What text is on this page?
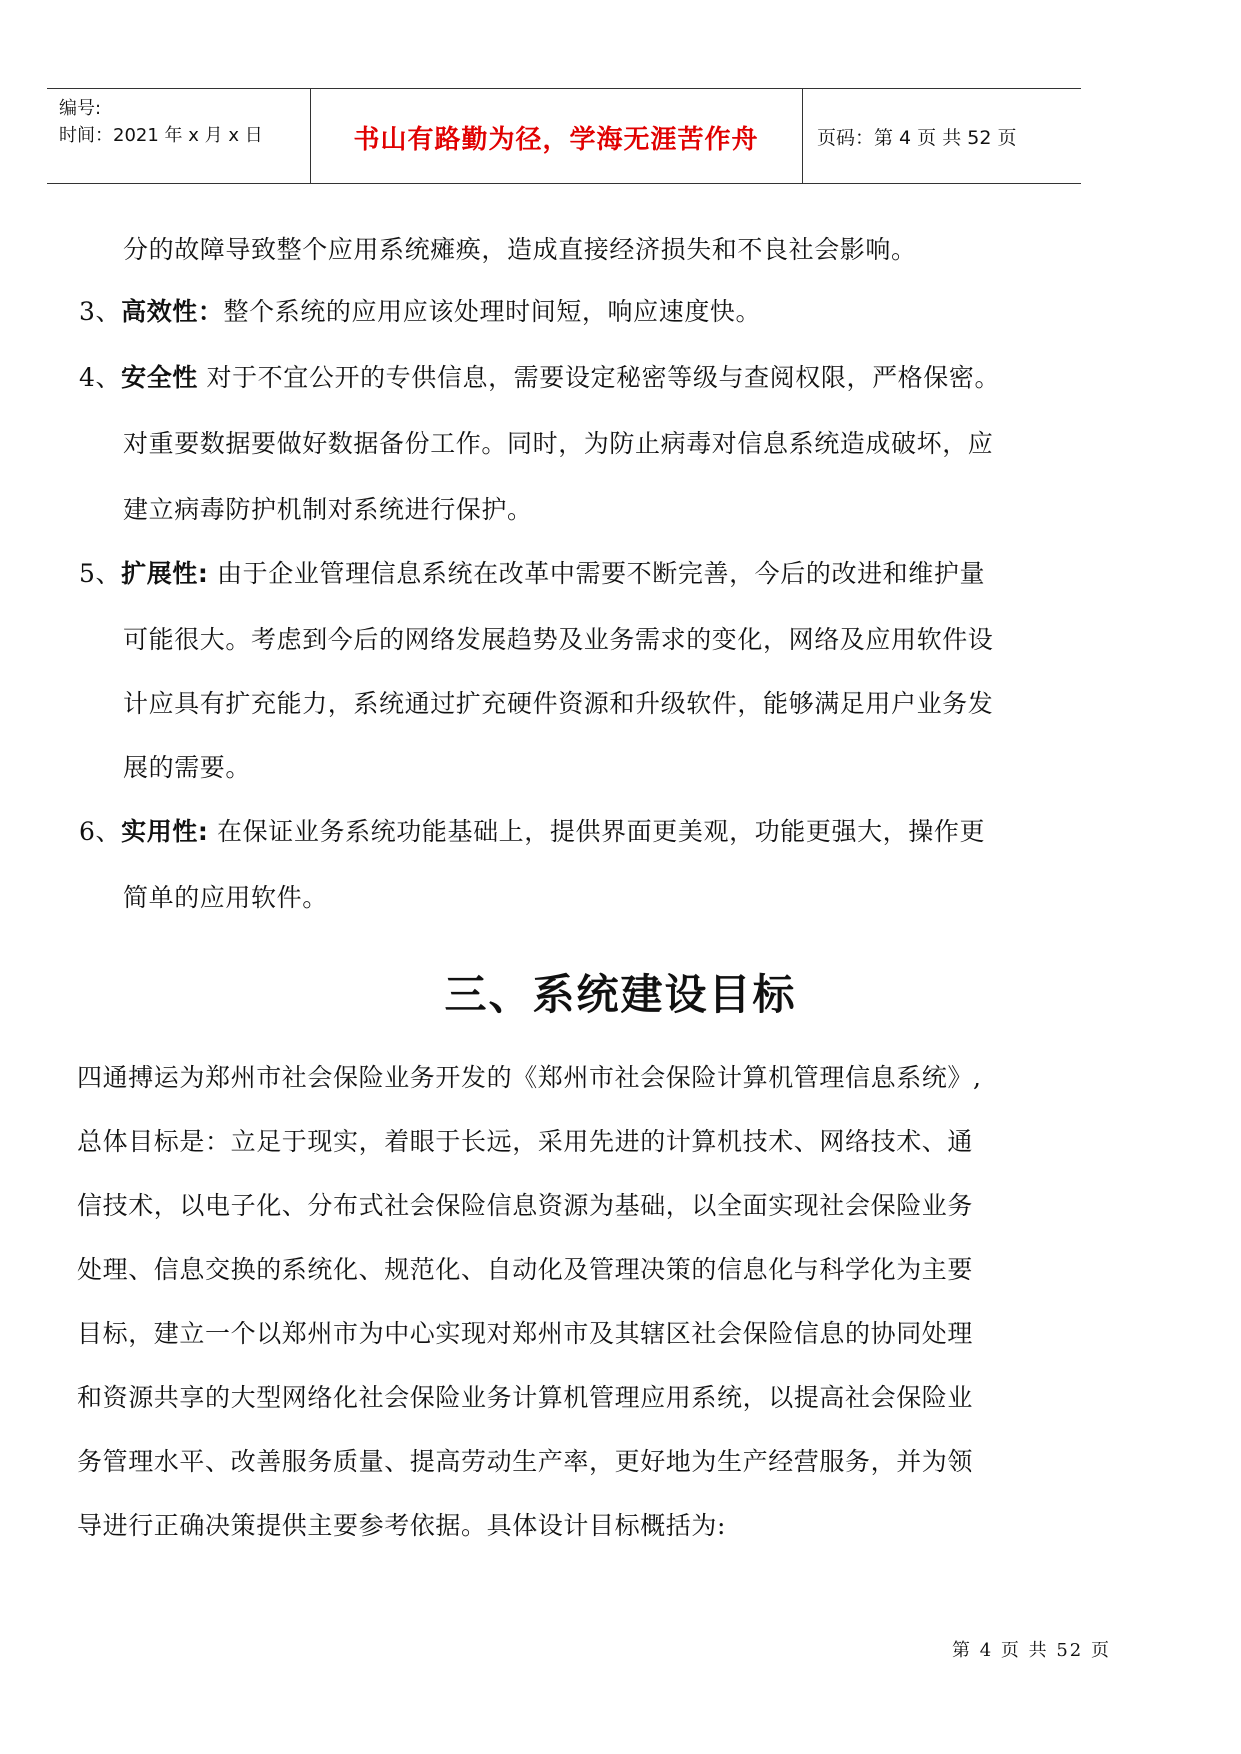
编号:
时间：2021 年 x 月 x 日	书山有路勤为径，学海无涯苦作舟	页码：第 4 页 共 52 页
分的故障导致整个应用系统瘫痪，造成直接经济损失和不良社会影响。
3、高效性：整个系统的应用应该处理时间短，响应速度快。
4、安全性 对于不宜公开的专供信息，需要设定秘密等级与查阅权限，严格保密。
对重要数据要做好数据备份工作。同时，为防止病毒对信息系统造成破坏，应
建立病毒防护机制对系统进行保护。
5、扩展性: 由于企业管理信息系统在改革中需要不断完善，今后的改进和维护量
可能很大。考虑到今后的网络发展趋势及业务需求的变化，网络及应用软件设
计应具有扩充能力，系统通过扩充硬件资源和升级软件，能够满足用户业务发
展的需要。
6、实用性: 在保证业务系统功能基础上，提供界面更美观，功能更强大，操作更
简单的应用软件。
三、系统建设目标
四通搏运为郑州市社会保险业务开发的《郑州市社会保险计算机管理信息系统》,
总体目标是：立足于现实，着眼于长远，采用先进的计算机技术、网络技术、通
信技术，以电子化、分布式社会保险信息资源为基础，以全面实现社会保险业务
处理、信息交换的系统化、规范化、自动化及管理决策的信息化与科学化为主要
目标，建立一个以郑州市为中心实现对郑州市及其辖区社会保险信息的协同处理
和资源共享的大型网络化社会保险业务计算机管理应用系统，以提高社会保险业
务管理水平、改善服务质量、提高劳动生产率，更好地为生产经营服务，并为领
导进行正确决策提供主要参考依据。具体设计目标概括为:
第 4 页 共 52 页
